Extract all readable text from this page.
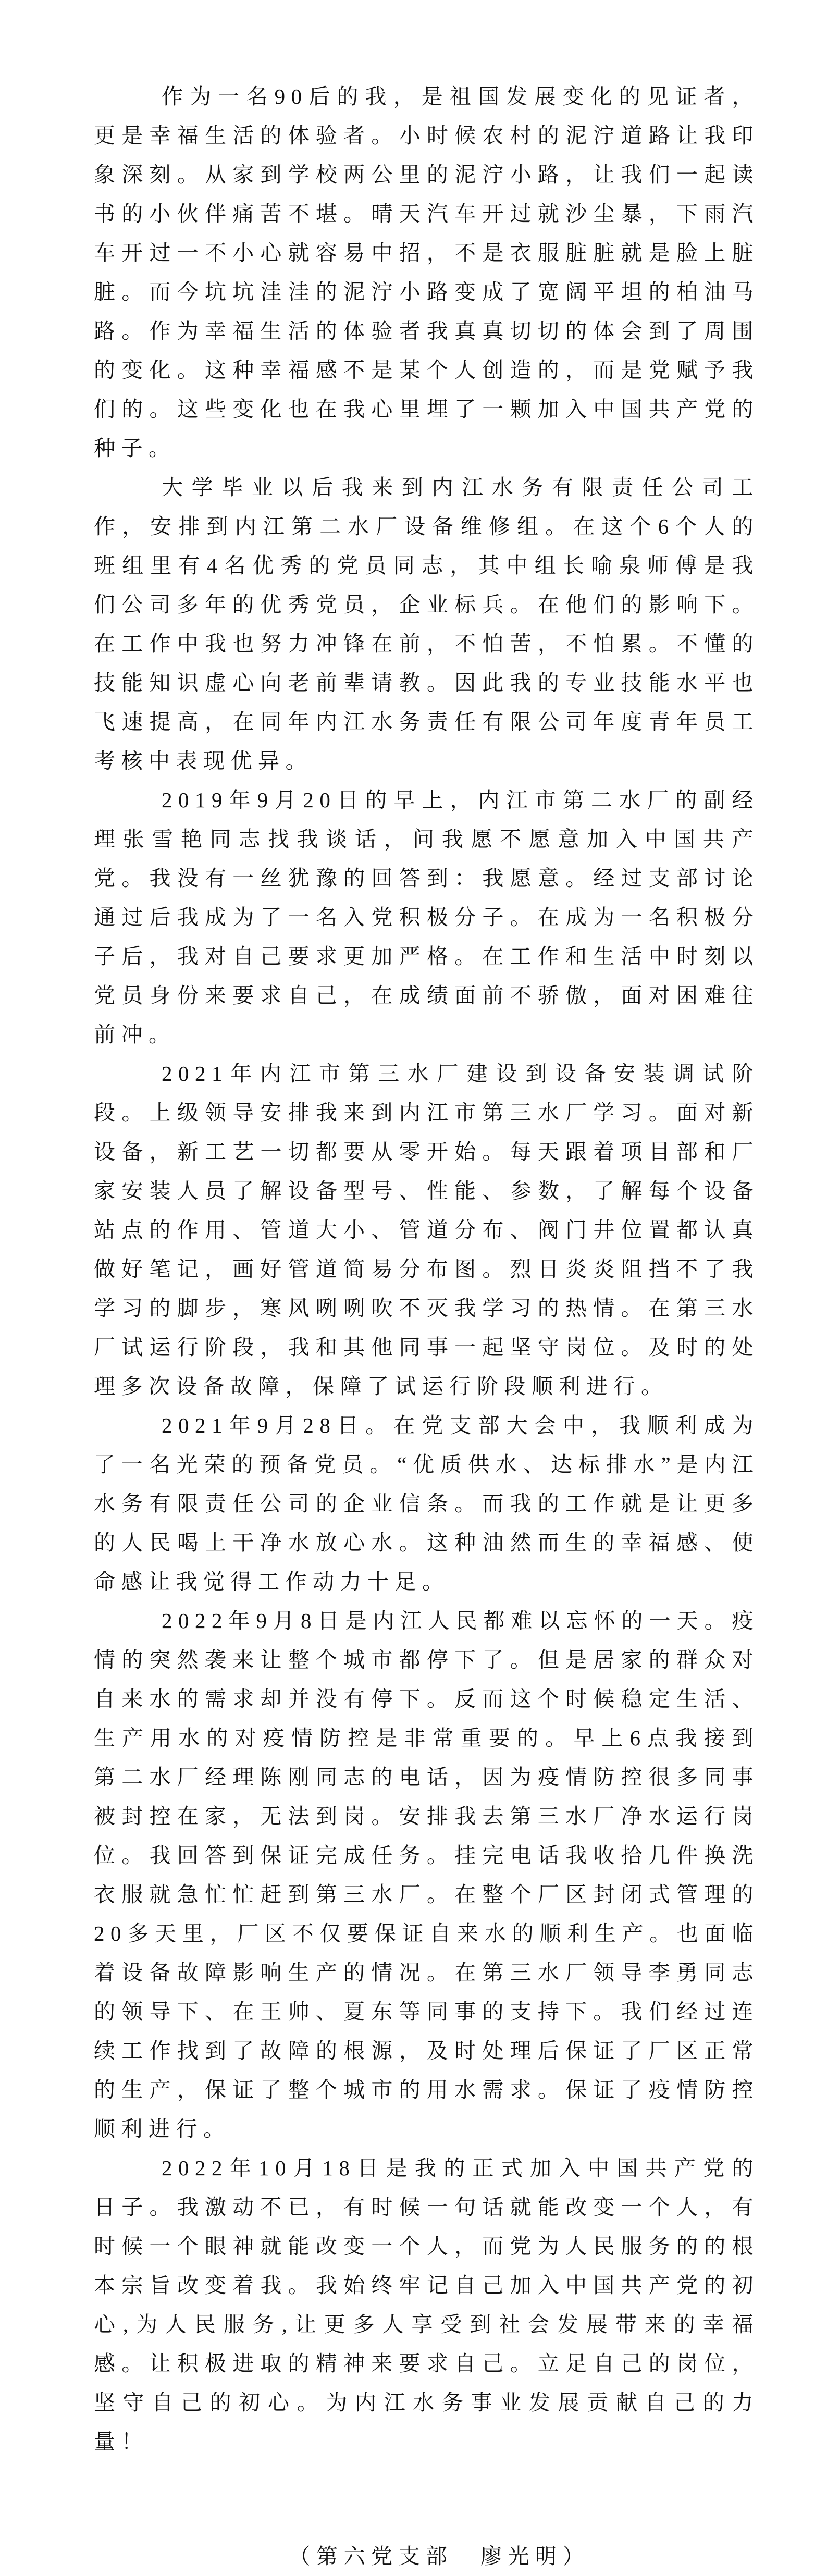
作为一名90后的我，是祖国发展变化的见证者，更是幸福生活的体验者。小时候农村的泥泞道路让我印象深刻。从家到学校两公里的泥泞小路，让我们一起读书的小伙伴痛苦不堪。晴天汽车开过就沙尘暴，下雨汽车开过一不小心就容易中招，不是衣服脏脏就是脸上脏脏。而今坑坑洼洼的泥泞小路变成了宽阔平坦的柏油马路。作为幸福生活的体验者我真真切切的体会到了周围的变化。这种幸福感不是某个人创造的，而是党赋予我们的。这些变化也在我心里埋了一颗加入中国共产党的种子。

大学毕业以后我来到内江水务有限责任公司工作，安排到内江第二水厂设备维修组。在这个6个人的班组里有4名优秀的党员同志，其中组长喻泉师傅是我们公司多年的优秀党员，企业标兵。在他们的影响下。在工作中我也努力冲锋在前，不怕苦，不怕累。不懂的技能知识虚心向老前辈请教。因此我的专业技能水平也飞速提高，在同年内江水务责任有限公司年度青年员工考核中表现优异。

2019年9月20日的早上，内江市第二水厂的副经理张雪艳同志找我谈话，问我愿不愿意加入中国共产党。我没有一丝犹豫的回答到：我愿意。经过支部讨论通过后我成为了一名入党积极分子。在成为一名积极分子后，我对自己要求更加严格。在工作和生活中时刻以党员身份来要求自己，在成绩面前不骄傲，面对困难往前冲。

2021年内江市第三水厂建设到设备安装调试阶段。上级领导安排我来到内江市第三水厂学习。面对新设备，新工艺一切都要从零开始。每天跟着项目部和厂家安装人员了解设备型号、性能、参数，了解每个设备站点的作用、管道大小、管道分布、阀门井位置都认真做好笔记，画好管道简易分布图。烈日炎炎阻挡不了我学习的脚步，寒风咧咧吹不灭我学习的热情。在第三水厂试运行阶段，我和其他同事一起坚守岗位。及时的处理多次设备故障，保障了试运行阶段顺利进行。

2021年9月28日。在党支部大会中，我顺利成为了一名光荣的预备党员。“优质供水、达标排水”是内江水务有限责任公司的企业信条。而我的工作就是让更多的人民喝上干净水放心水。这种油然而生的幸福感、使命感让我觉得工作动力十足。

2022年9月8日是内江人民都难以忘怀的一天。疫情的突然袭来让整个城市都停下了。但是居家的群众对自来水的需求却并没有停下。反而这个时候稳定生活、生产用水的对疫情防控是非常重要的。早上6点我接到第二水厂经理陈刚同志的电话，因为疫情防控很多同事被封控在家，无法到岗。安排我去第三水厂净水运行岗位。我回答到保证完成任务。挂完电话我收拾几件换洗衣服就急忙忙赶到第三水厂。在整个厂区封闭式管理的20多天里，厂区不仅要保证自来水的顺利生产。也面临着设备故障影响生产的情况。在第三水厂领导李勇同志的领导下、在王帅、夏东等同事的支持下。我们经过连续工作找到了故障的根源，及时处理后保证了厂区正常的生产，保证了整个城市的用水需求。保证了疫情防控顺利进行。

2022年10月18日是我的正式加入中国共产党的日子。我激动不已，有时候一句话就能改变一个人，有时候一个眼神就能改变一个人，而党为人民服务的的根本宗旨改变着我。我始终牢记自己加入中国共产党的初心,为人民服务,让更多人享受到社会发展带来的幸福感。让积极进取的精神来要求自己。立足自己的岗位，坚守自己的初心。为内江水务事业发展贡献自己的力量！

（第六党支部　廖光明）
